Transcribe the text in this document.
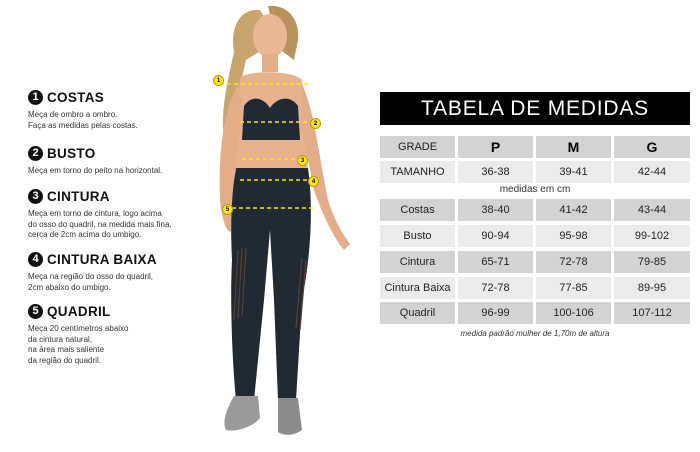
1 COSTAS
Meça de ombro a ombro.
Faça as medidas pelas costas.
2 BUSTO
Meça em torno do peito na horizontal.
3 CINTURA
Meça em torno de cintura, logo acima
do osso do quadril, na medida mais fina,
cerca de 2cm acima do umbigo.
4 CINTURA BAIXA
Meça na região do osso do quadril,
2cm abaixo do umbigo.
5 QUADRIL
Meça 20 centímetros abaixo
da cintura natural,
na área mais saliente
da região do quadril.
1
2
3
4
5
TABELA DE MEDIDAS
GRADE	P	M	G
TAMANHO	36-38	39-41	42-44
medidas em cm
Costas	38-40	41-42	43-44
Busto	90-94	95-98	99-102
Cintura	65-71	72-78	79-85
Cintura Baixa	72-78	77-85	89-95
Quadril	96-99	100-106	107-112
medida padrão mulher de 1,70m de altura
